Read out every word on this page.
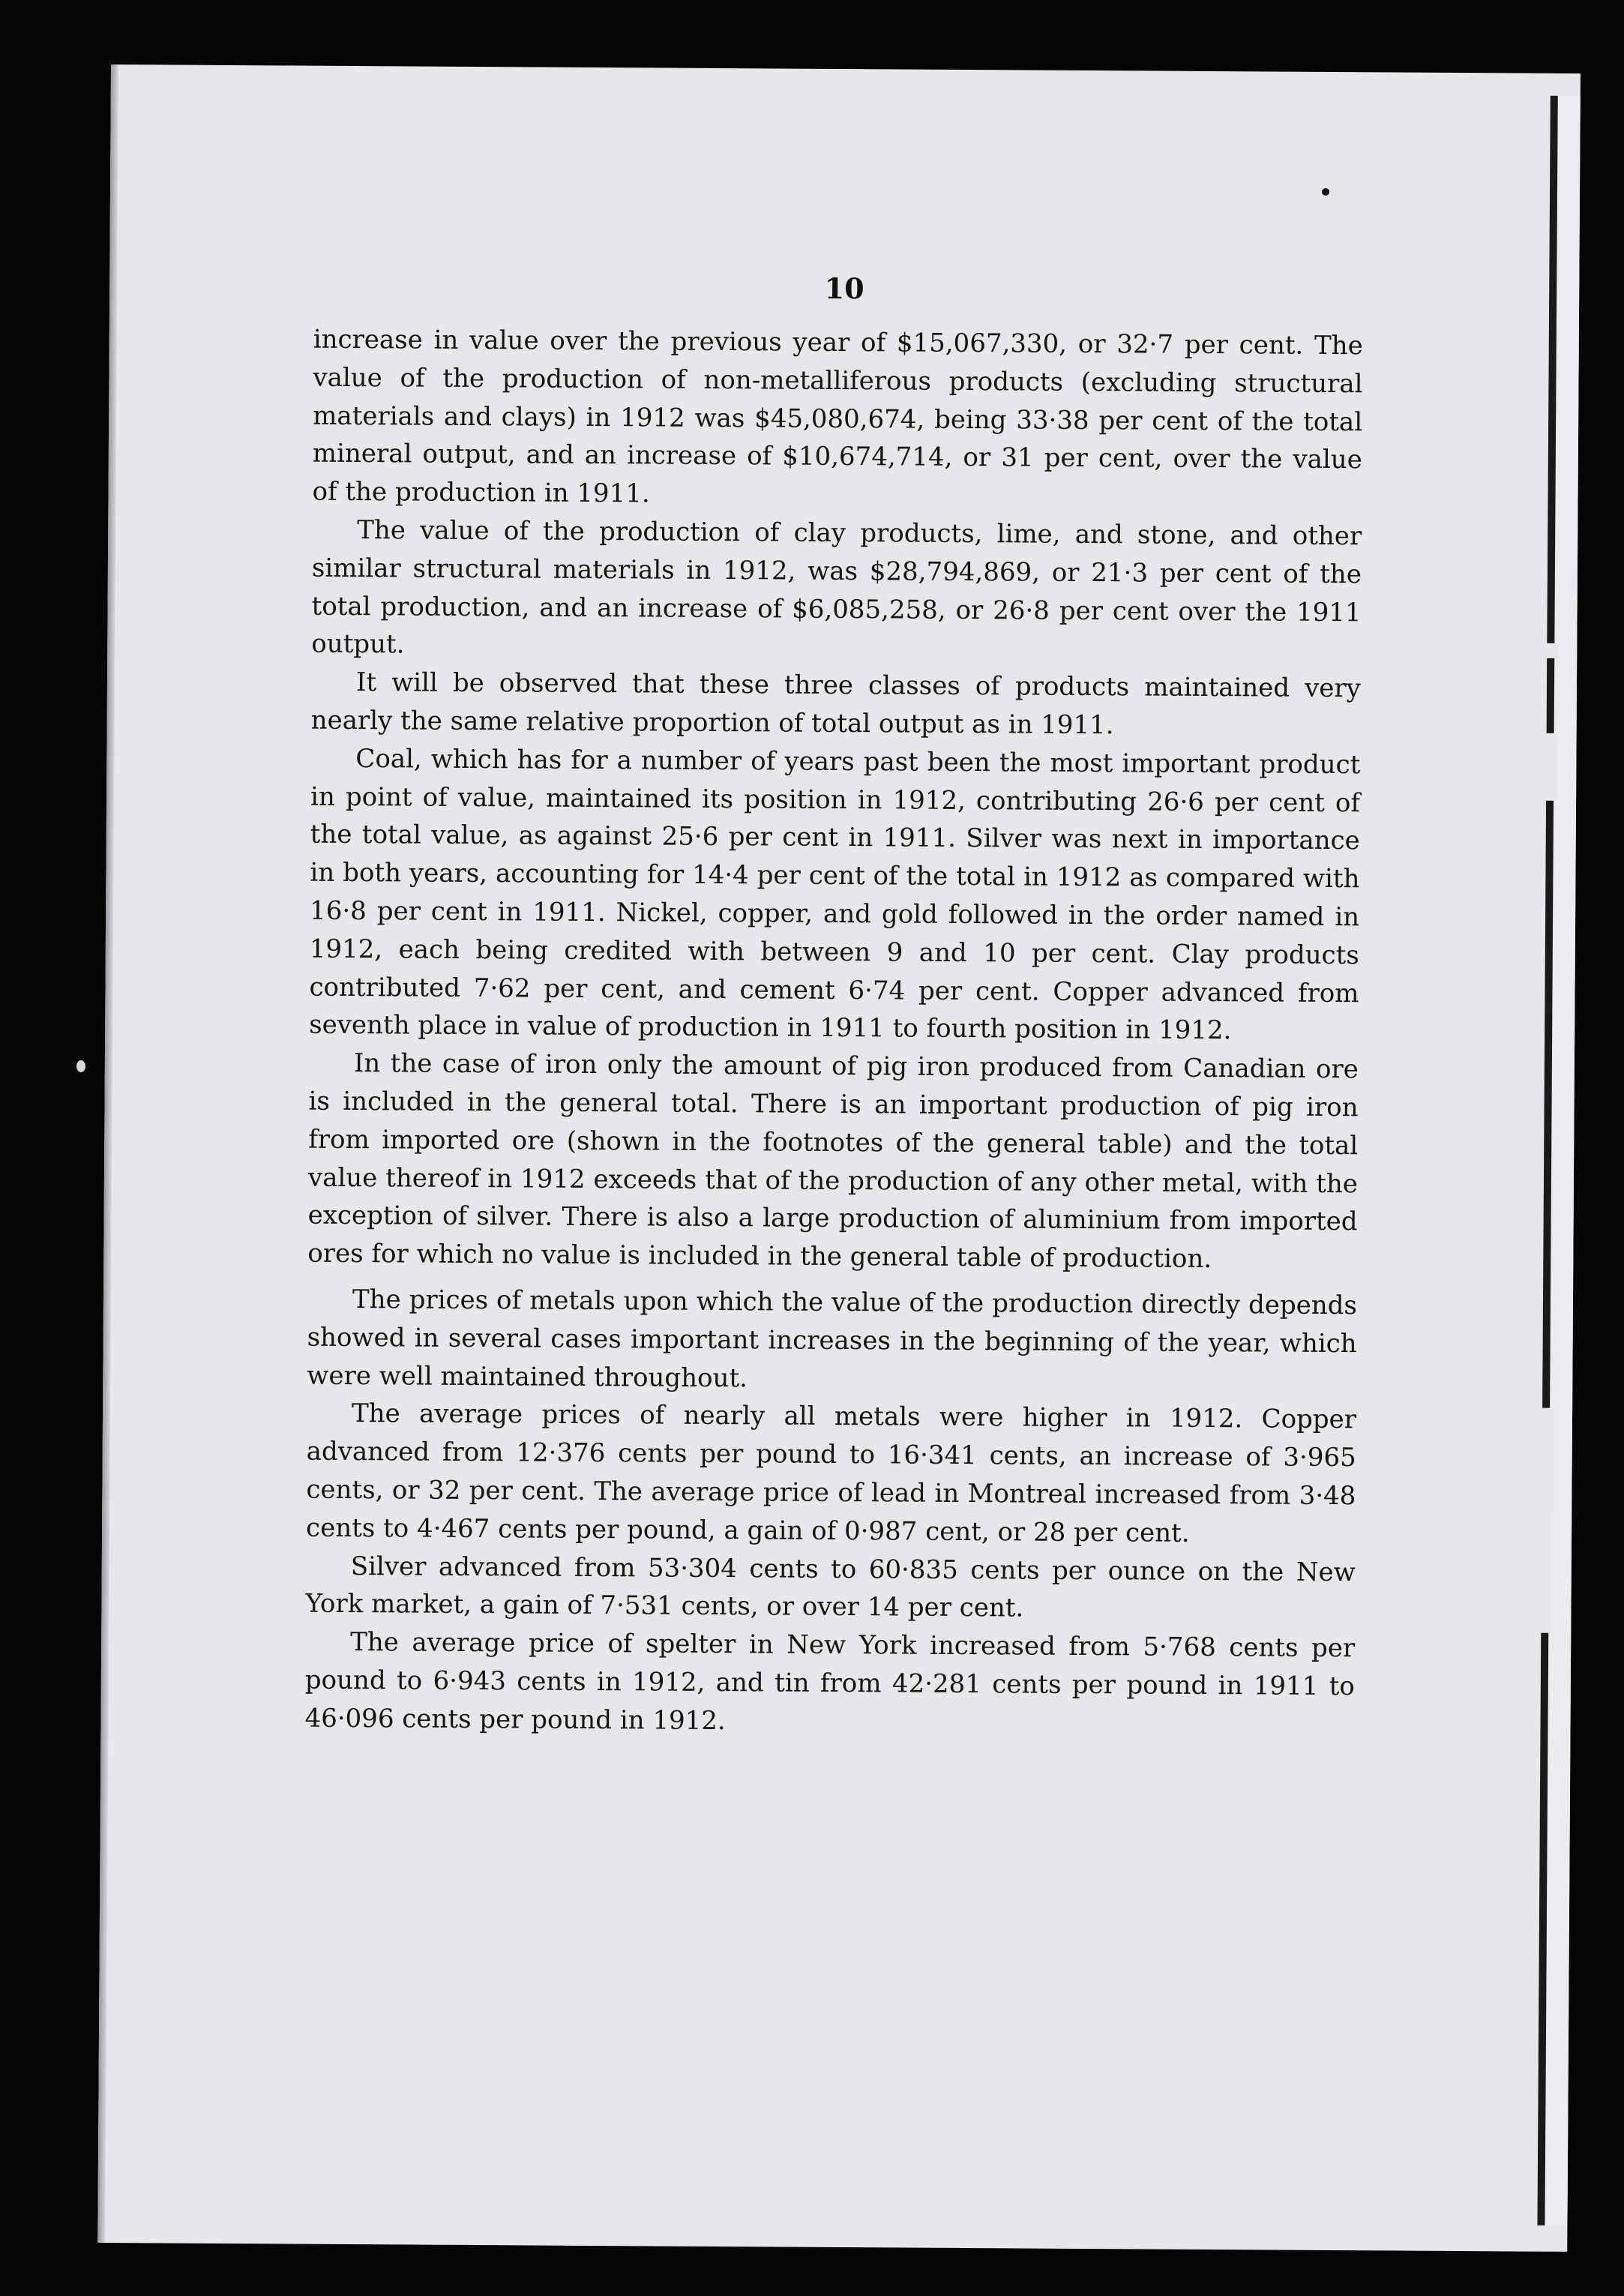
10

increase in value over the previous year of $15,067,330, or 32·7 per cent. The value of the production of non-metalliferous products (excluding structural materials and clays) in 1912 was $45,080,674, being 33·38 per cent of the total mineral output, and an increase of $10,674,714, or 31 per cent, over the value of the production in 1911.

The value of the production of clay products, lime, and stone, and other similar structural materials in 1912, was $28,794,869, or 21·3 per cent of the total production, and an increase of $6,085,258, or 26·8 per cent over the 1911 output.

It will be observed that these three classes of products maintained very nearly the same relative proportion of total output as in 1911.

Coal, which has for a number of years past been the most important product in point of value, maintained its position in 1912, contributing 26·6 per cent of the total value, as against 25·6 per cent in 1911. Silver was next in importance in both years, accounting for 14·4 per cent of the total in 1912 as compared with 16·8 per cent in 1911. Nickel, copper, and gold followed in the order named in 1912, each being credited with between 9 and 10 per cent. Clay products contributed 7·62 per cent, and cement 6·74 per cent. Copper advanced from seventh place in value of production in 1911 to fourth position in 1912.

In the case of iron only the amount of pig iron produced from Canadian ore is included in the general total. There is an important production of pig iron from imported ore (shown in the footnotes of the general table) and the total value thereof in 1912 exceeds that of the production of any other metal, with the exception of silver. There is also a large production of aluminium from imported ores for which no value is included in the general table of production.

The prices of metals upon which the value of the production directly depends showed in several cases important increases in the beginning of the year, which were well maintained throughout.

The average prices of nearly all metals were higher in 1912. Copper advanced from 12·376 cents per pound to 16·341 cents, an increase of 3·965 cents, or 32 per cent. The average price of lead in Montreal increased from 3·48 cents to 4·467 cents per pound, a gain of 0·987 cent, or 28 per cent.

Silver advanced from 53·304 cents to 60·835 cents per ounce on the New York market, a gain of 7·531 cents, or over 14 per cent.

The average price of spelter in New York increased from 5·768 cents per pound to 6·943 cents in 1912, and tin from 42·281 cents per pound in 1911 to 46·096 cents per pound in 1912.
